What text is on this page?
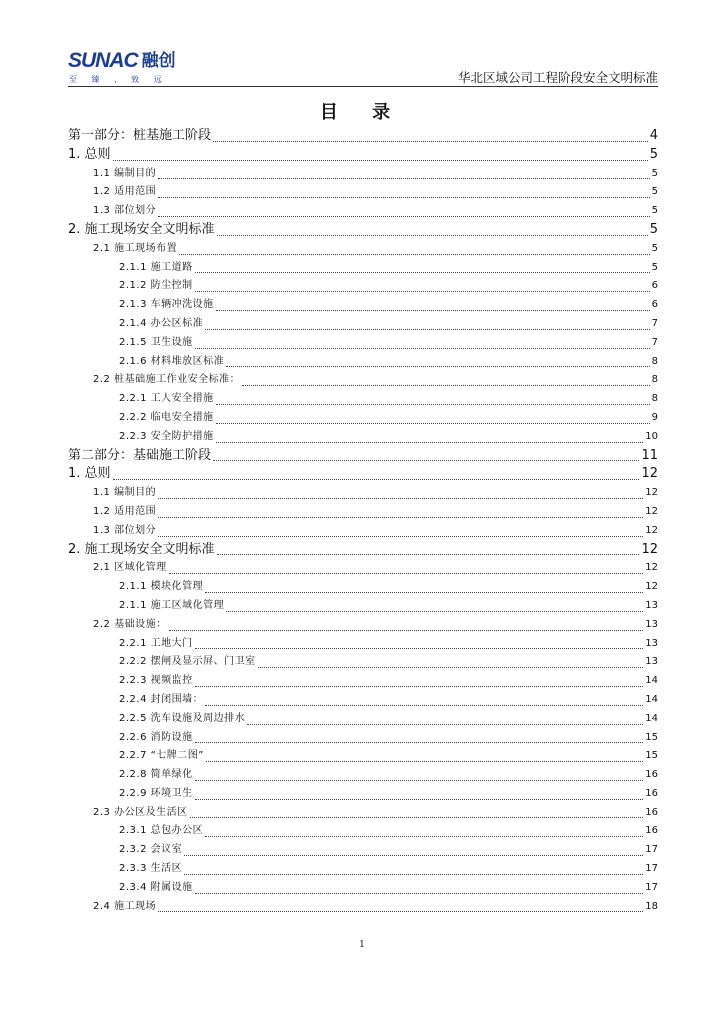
SUNAC 融创
至 臻 , 致 远	华北区域公司工程阶段安全文明标准
目 录
第一部分：桩基施工阶段	4
1. 总则	5
1.1 编制目的	5
1.2 适用范围	5
1.3 部位划分	5
2. 施工现场安全文明标准	5
2.1 施工现场布置	5
2.1.1 施工道路	5
2.1.2 防尘控制	6
2.1.3 车辆冲洗设施	6
2.1.4 办公区标准	7
2.1.5 卫生设施	7
2.1.6 材料堆放区标准	8
2.2 桩基础施工作业安全标准：	8
2.2.1 工人安全措施	8
2.2.2 临电安全措施	9
2.2.3 安全防护措施	10
第二部分：基础施工阶段	11
1. 总则	12
1.1 编制目的	12
1.2 适用范围	12
1.3 部位划分	12
2. 施工现场安全文明标准	12
2.1 区域化管理	12
2.1.1 模块化管理	12
2.1.1 施工区域化管理	13
2.2 基础设施：	13
2.2.1 工地大门	13
2.2.2 摆闸及显示屏、门卫室	13
2.2.3 视频监控	14
2.2.4 封闭围墙：	14
2.2.5 洗车设施及周边排水	14
2.2.6 消防设施	15
2.2.7 “七牌二图”	15
2.2.8 简单绿化	16
2.2.9 环境卫生	16
2.3 办公区及生活区	16
2.3.1 总包办公区	16
2.3.2 会议室	17
2.3.3 生活区	17
2.3.4 附属设施	17
2.4 施工现场	18
1
